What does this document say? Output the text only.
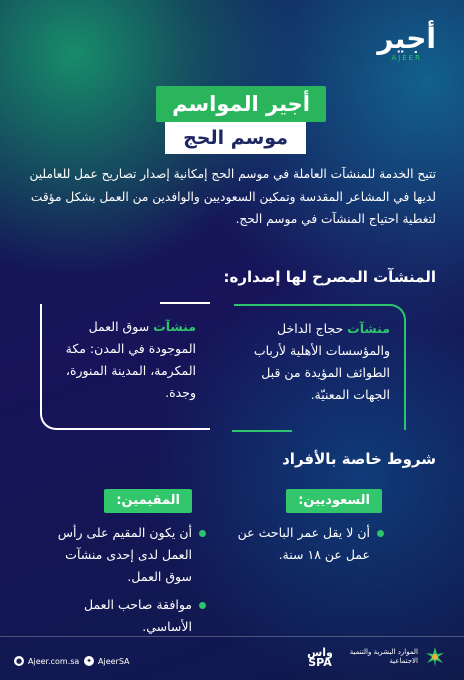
أجير
AJEER
أجير المواسم
موسم الحج

تتيح الخدمة للمنشآت العاملة في موسم الحج إمكانية إصدار تصاريح عمل للعاملين لديها في المشاعر المقدسة وتمكين السعوديين والوافدين من العمل بشكل مؤقت لتغطية احتياج المنشآت في موسم الحج.

المنشآت المصرح لها إصداره:
منشآت حجاج الداخل والمؤسسات الأهلية لأرباب الطوائف المؤيدة من قبل الجهات المعنيّة.
منشآت سوق العمل الموجودة في المدن: مكة المكرمة، المدينة المنورة، وجدة.
شروط خاصة بالأفراد
السعوديين:
المقيمين:
أن لا يقل عمر الباحث عن عمل عن ١٨ سنة.
أن يكون المقيم على رأس العمل لدى إحدى منشآت سوق العمل.
موافقة صاحب العمل الأساسي.
● Ajeer.com.sa ✦ AjeerSA
واس
SPA
الموارد البشرية والتنمية الاجتماعية
